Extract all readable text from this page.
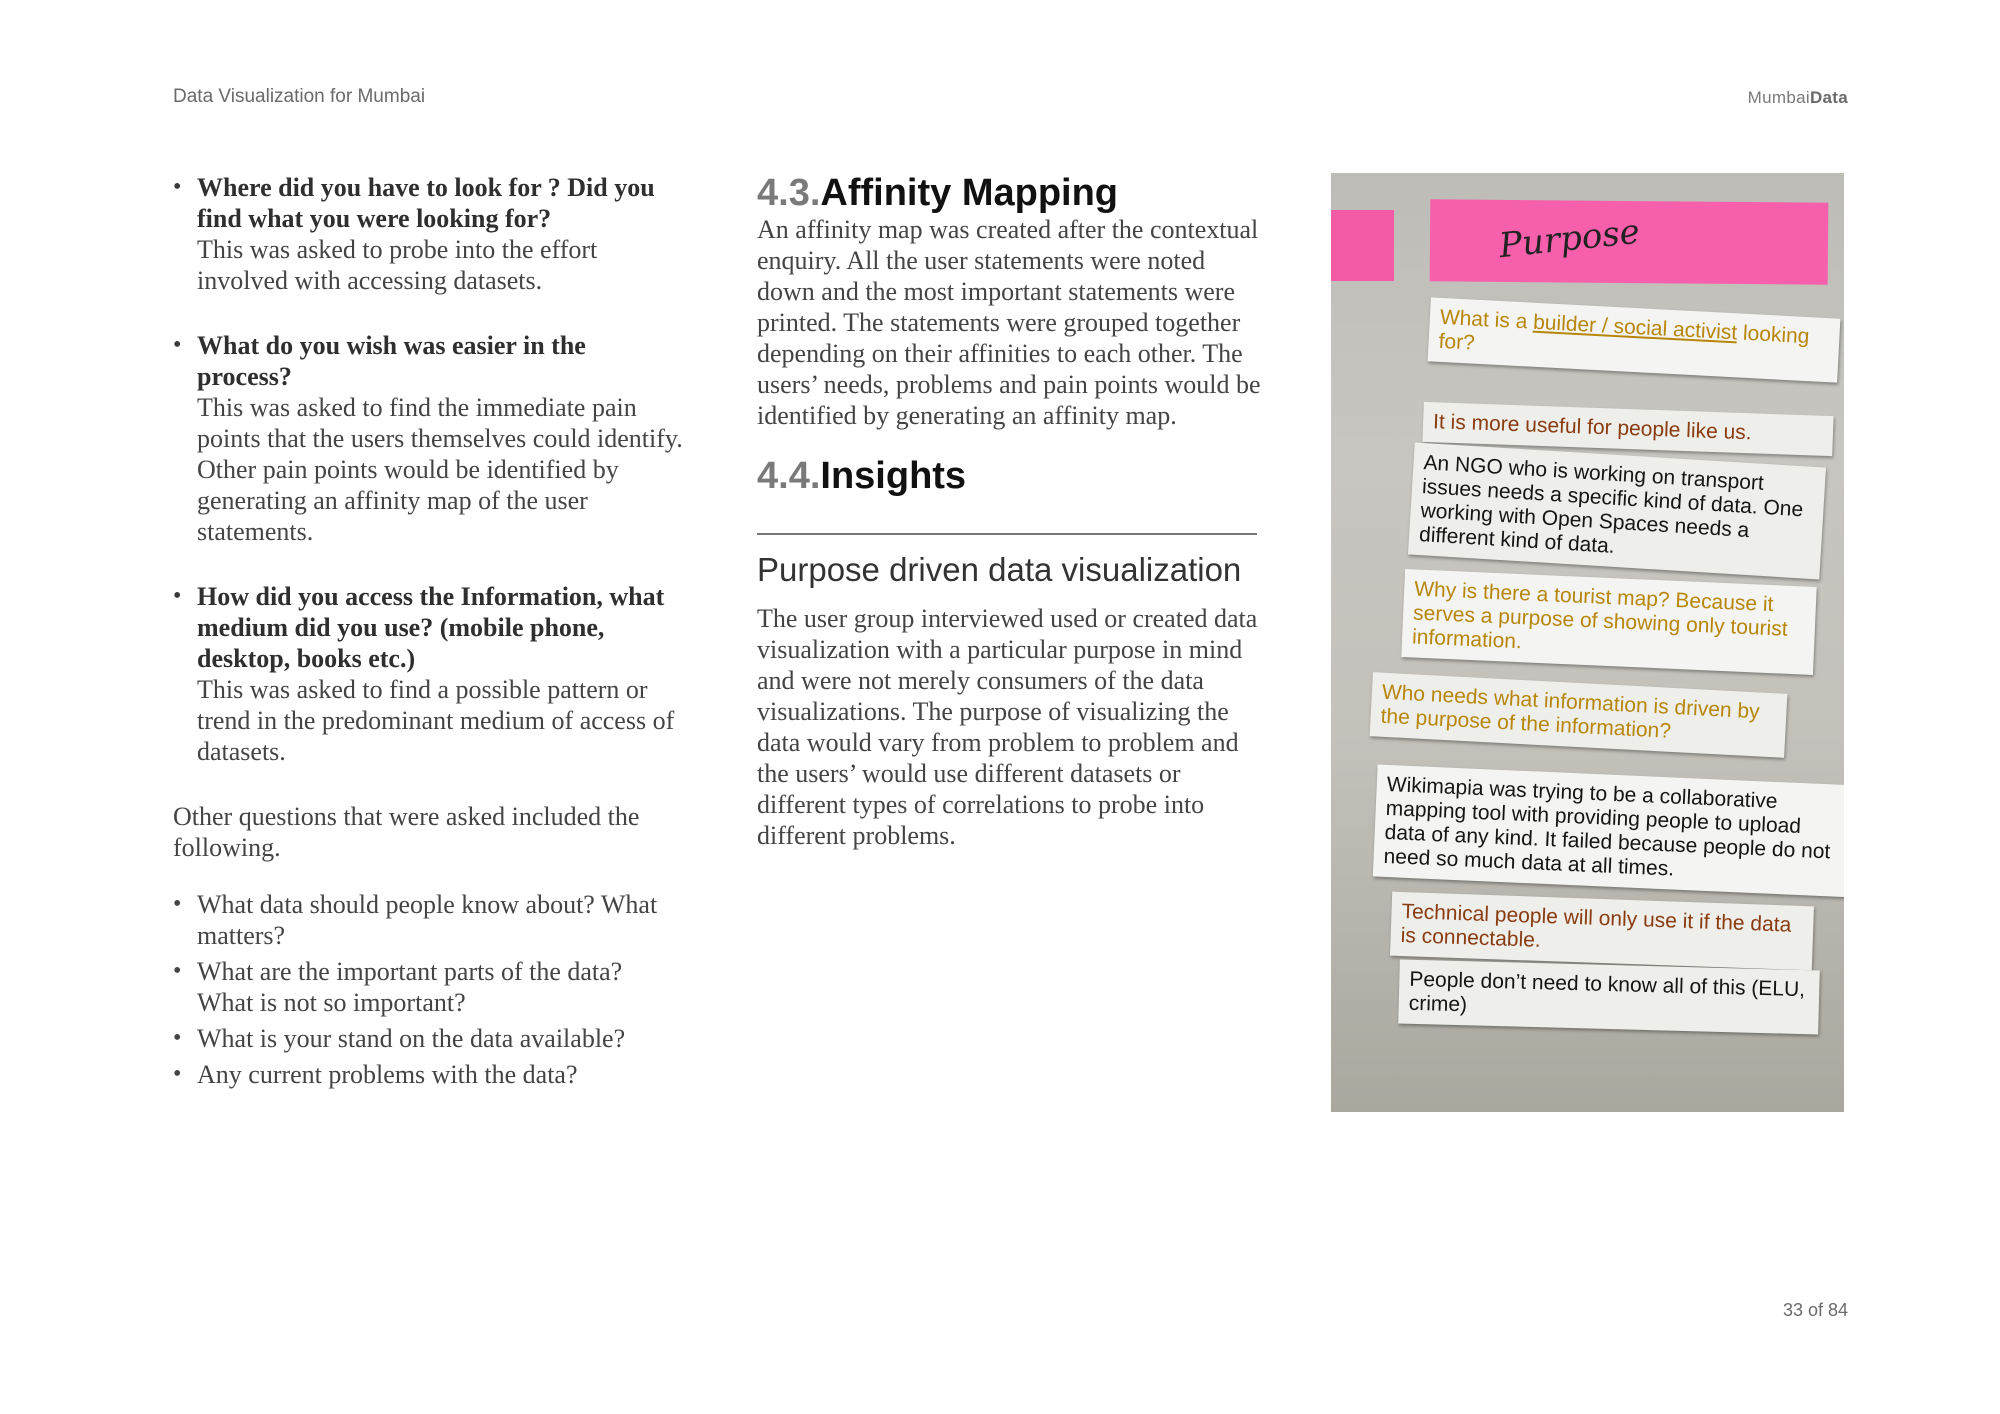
Data Visualization for Mumbai	MumbaiData
• Where did you have to look for ? Did you find what you were looking for?
This was asked to probe into the effort involved with accessing datasets.
• What do you wish was easier in the process?
This was asked to find the immediate pain points that the users themselves could identify. Other pain points would be identified by generating an affinity map of the user statements.
• How did you access the Information, what medium did you use? (mobile phone, desktop, books etc.)
This was asked to find a possible pattern or trend in the predominant medium of access of datasets.

Other questions that were asked included the following.

• What data should people know about? What matters?
• What are the important parts of the data? What is not so important?
• What is your stand on the data available?
• Any current problems with the data?
4.3.Affinity Mapping

An affinity map was created after the contextual enquiry. All the user statements were noted down and the most important statements were printed. The statements were grouped together depending on their affinities to each other. The users’ needs, problems and pain points would be identified by generating an affinity map.

4.4.Insights
Purpose driven data visualization

The user group interviewed used or created data visualization with a particular purpose in mind and were not merely consumers of the data visualizations. The purpose of visualizing the data would vary from problem to problem and the users’ would use different datasets or different types of correlations to probe into different problems.

Purpose
What is a builder / social activist looking for?
It is more useful for people like us.
An NGO who is working on transport issues needs a specific kind of data. One working with Open Spaces needs a different kind of data.
Why is there a tourist map? Because it serves a purpose of showing only tourist information.
Who needs what information is driven by the purpose of the information?
Wikimapia was trying to be a collaborative mapping tool with providing people to upload data of any kind. It failed because people do not need so much data at all times.
Technical people will only use it if the data is connectable.
People don’t need to know all of this (ELU, crime)
33 of 84
